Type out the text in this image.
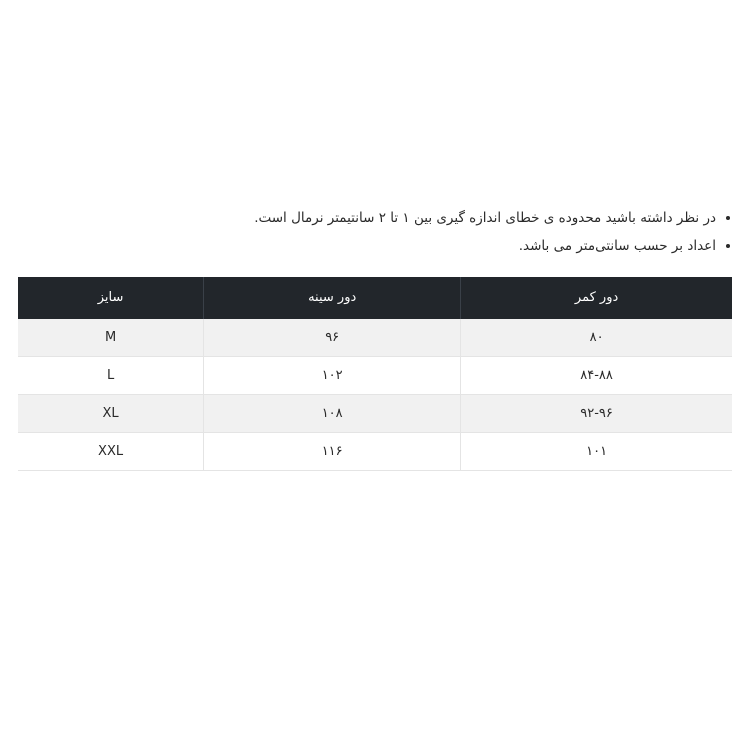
در نظر داشته باشید محدوده ی خطای اندازه گیری بین ۱ تا ۲ سانتیمتر نرمال است.
اعداد بر حسب سانتی‌متر می باشد.
دور کمر	دور سینه	سایز
۸۰	۹۶	M
۸۴-۸۸	۱۰۲	L
۹۲-۹۶	۱۰۸	XL
۱۰۱	۱۱۶	XXL
